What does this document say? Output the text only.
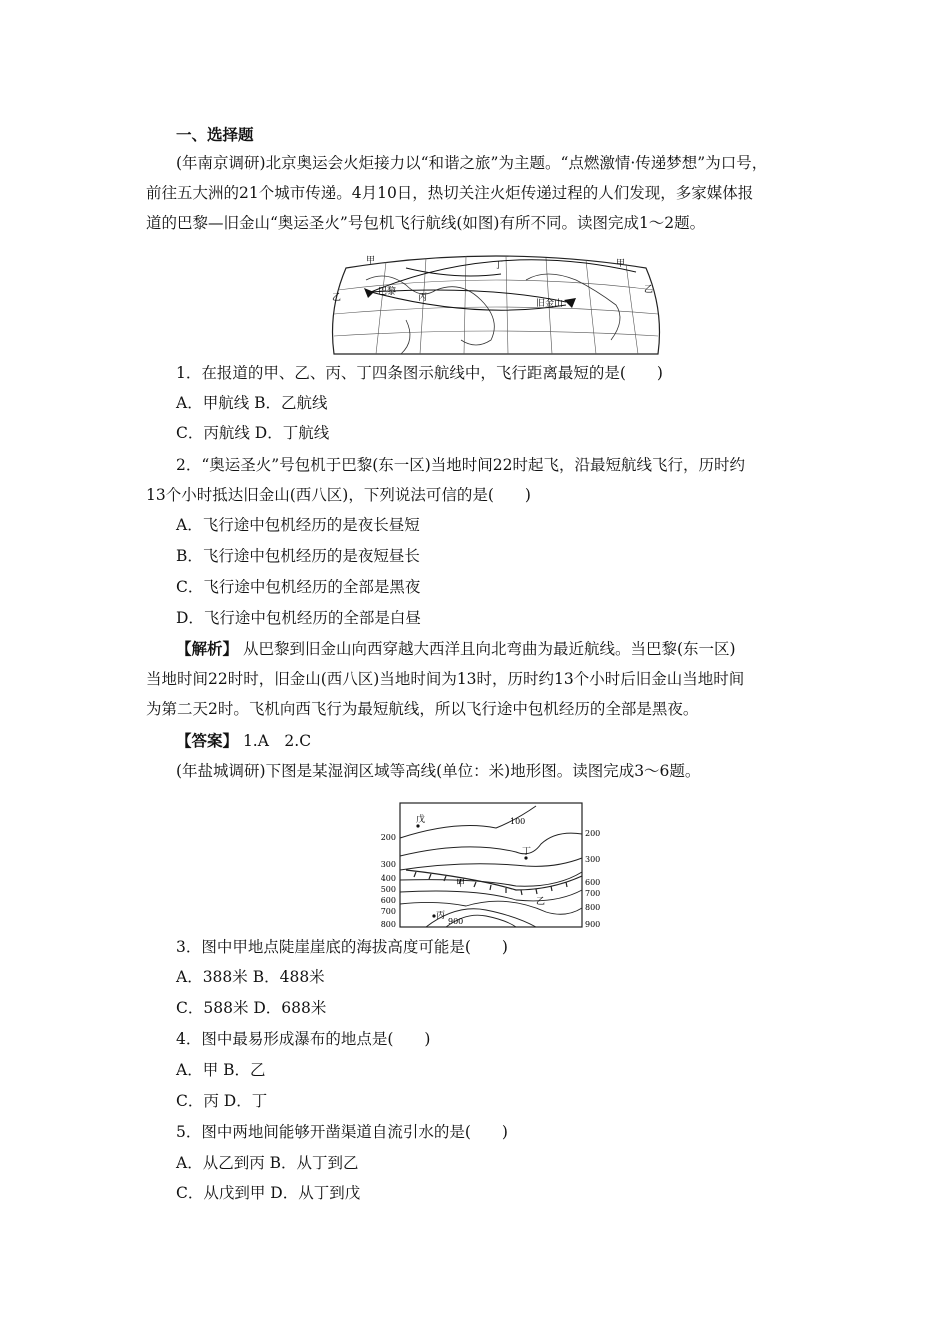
一、选择题
(年南京调研)北京奥运会火炬接力以“和谐之旅”为主题。“点燃激情·传递梦想”为口号，
前往五大洲的21个城市传递。4月10日，热切关注火炬传递过程的人们发现，多家媒体报
道的巴黎—旧金山“奥运圣火”号包机飞行航线(如图)有所不同。读图完成1～2题。
甲	甲
乙
乙
丙
丁
巴黎
旧金山
1．在报道的甲、乙、丙、丁四条图示航线中，飞行距离最短的是(　　)
A．甲航线 B．乙航线
C．丙航线 D．丁航线
2．“奥运圣火”号包机于巴黎(东一区)当地时间22时起飞，沿最短航线飞行，历时约
13个小时抵达旧金山(西八区)，下列说法可信的是(　　)
A．飞行途中包机经历的是夜长昼短
B．飞行途中包机经历的是夜短昼长
C．飞行途中包机经历的全部是黑夜
D．飞行途中包机经历的全部是白昼
【解析】 从巴黎到旧金山向西穿越大西洋且向北弯曲为最近航线。当巴黎(东一区)
当地时间22时时，旧金山(西八区)当地时间为13时，历时约13个小时后旧金山当地时间
为第二天2时。飞机向西飞行为最短航线，所以飞行途中包机经历的全部是黑夜。
【答案】 1.A　2.C
(年盐城调研)下图是某湿润区域等高线(单位：米)地形图。读图完成3～6题。
戊
丁
甲
乙
丙
100
900
200
300
400
500
600
700
800
200
300
600
700
800
900
3．图中甲地点陡崖崖底的海拔高度可能是(　　)
A．388米 B．488米
C．588米 D．688米
4．图中最易形成瀑布的地点是(　　)
A．甲 B．乙
C．丙 D．丁
5．图中两地间能够开凿渠道自流引水的是(　　)
A．从乙到丙 B．从丁到乙
C．从戊到甲 D．从丁到戊
